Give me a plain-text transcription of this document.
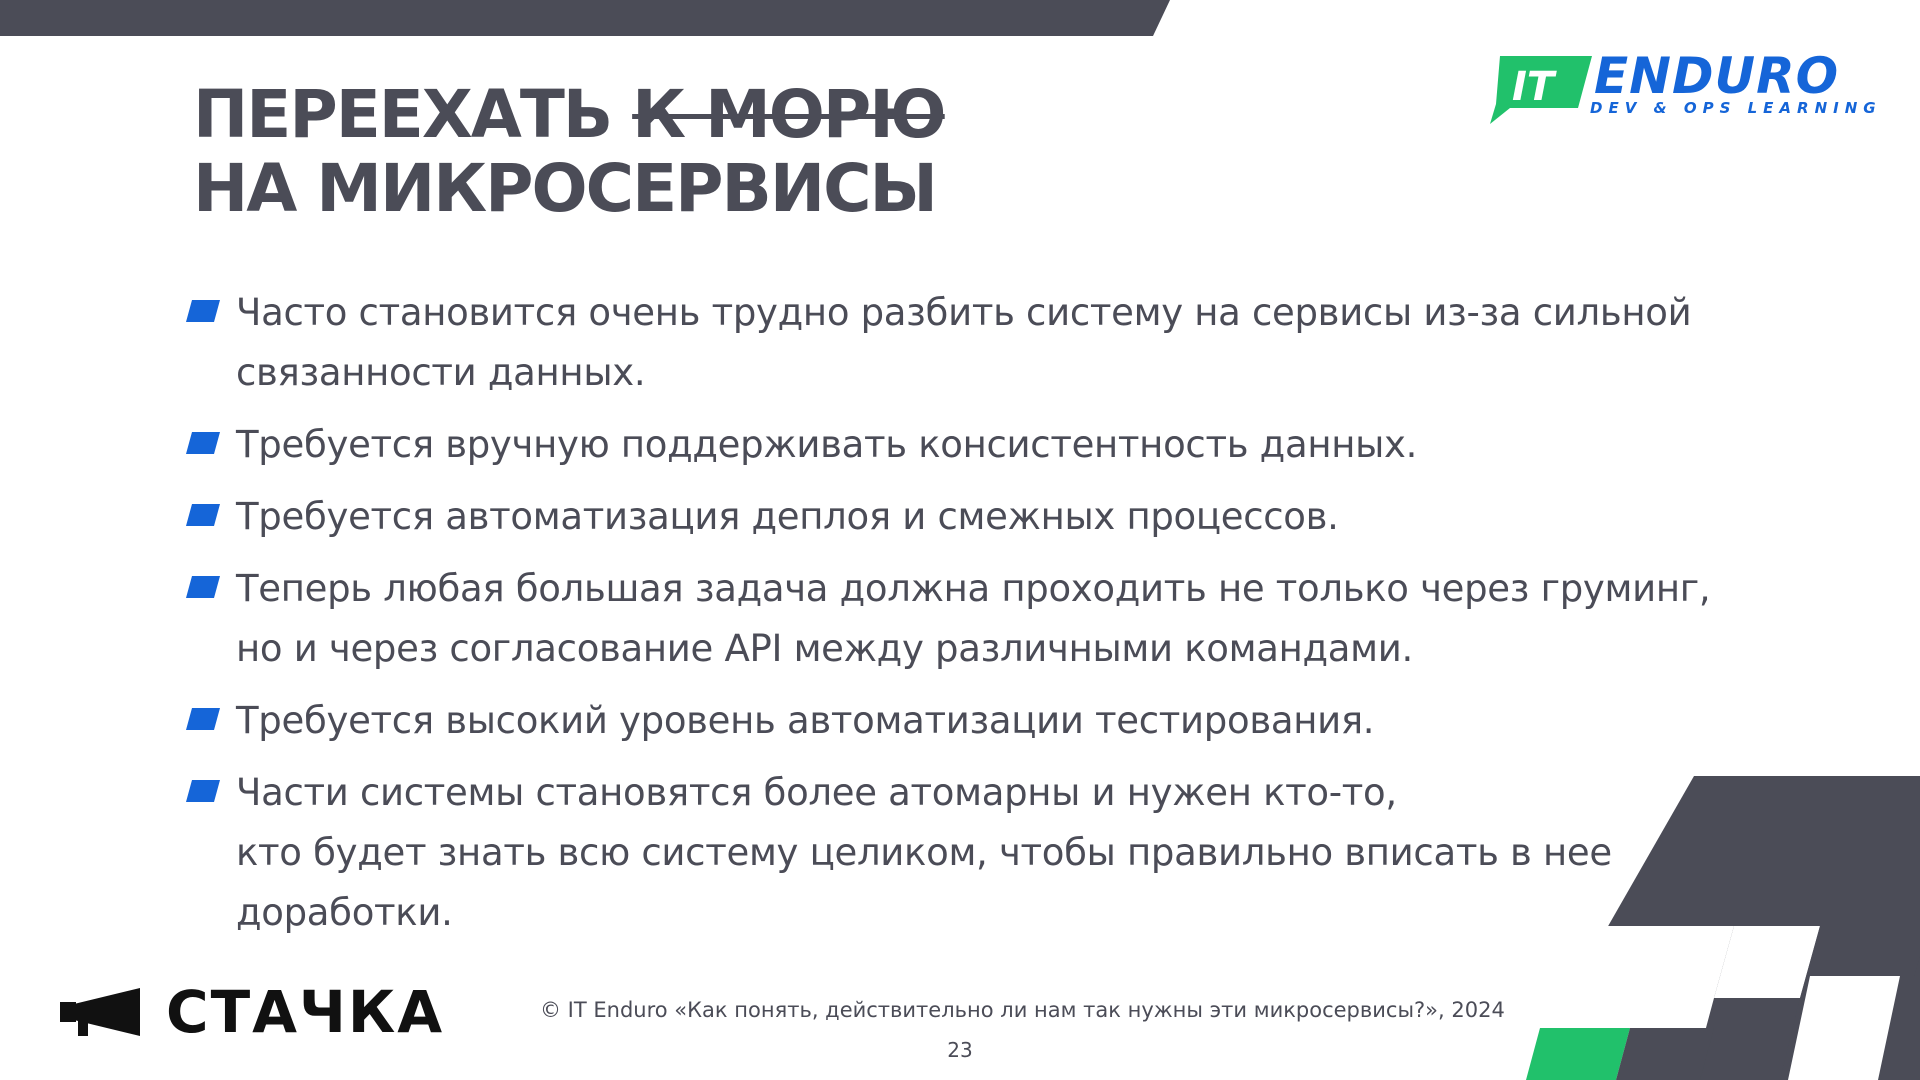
ПЕРЕЕХАТЬ К МОРЮ
НА МИКРОСЕРВИСЫ
IT ENDURO
DEV & OPS LEARNING
Часто становится очень трудно разбить систему на сервисы из-за сильной
связанности данных.
Требуется вручную поддерживать консистентность данных.
Требуется автоматизация деплоя и смежных процессов.
Теперь любая большая задача должна проходить не только через груминг,
но и через согласование API между различными командами.
Требуется высокий уровень автоматизации тестирования.
Части системы становятся более атомарны и нужен кто-то,
кто будет знать всю систему целиком, чтобы правильно вписать в нее
доработки.
СТАЧКА	© IT Enduro «Как понять, действительно ли нам так нужны эти микросервисы?», 2024
23
